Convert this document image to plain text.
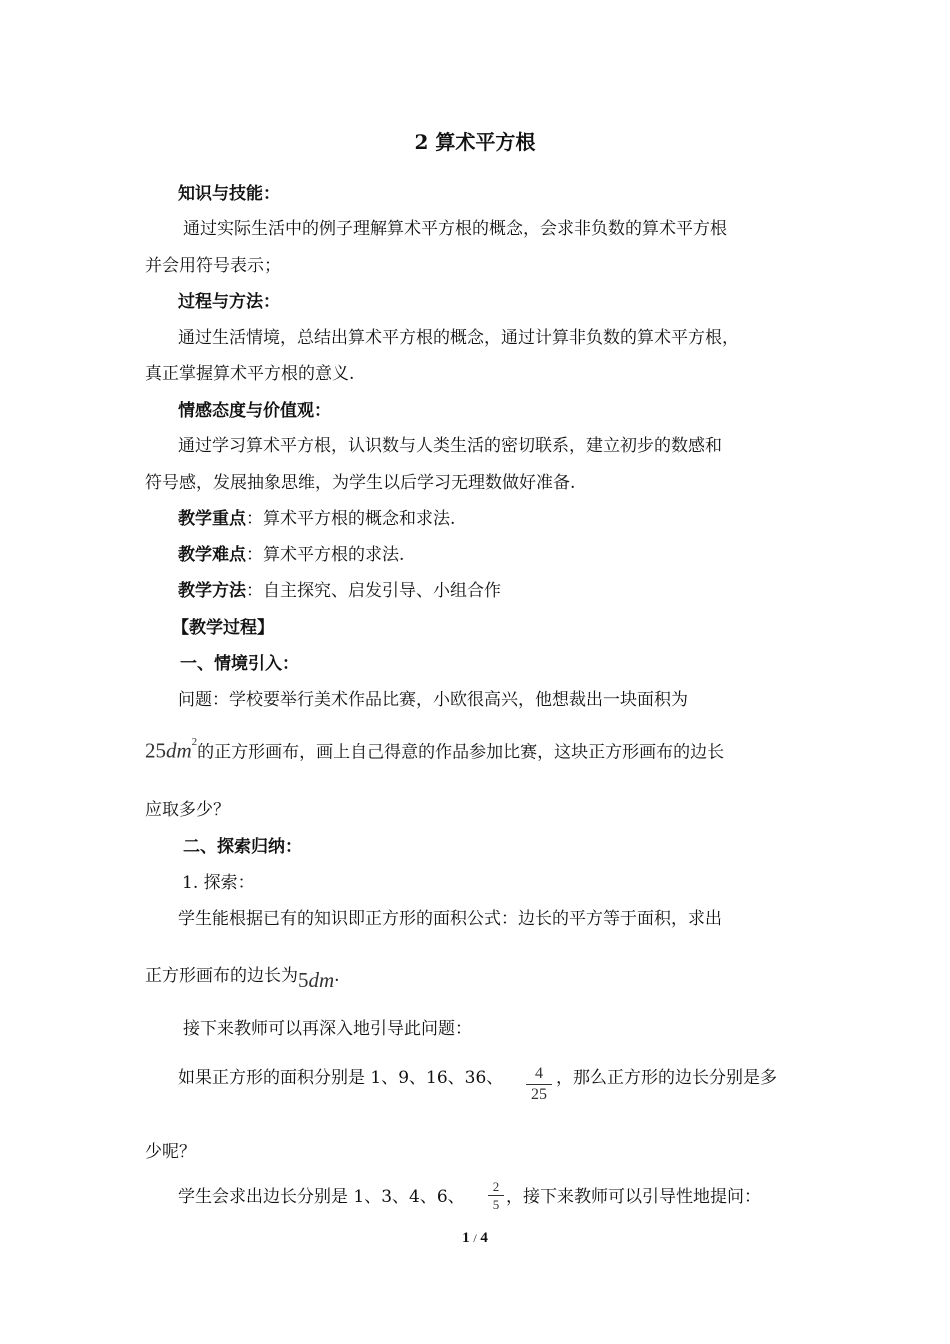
2 算术平方根
知识与技能：
通过实际生活中的例子理解算术平方根的概念，会求非负数的算术平方根
并会用符号表示；
过程与方法：
通过生活情境，总结出算术平方根的概念，通过计算非负数的算术平方根，
真正掌握算术平方根的意义.
情感态度与价值观：
通过学习算术平方根，认识数与人类生活的密切联系，建立初步的数感和
符号感，发展抽象思维，为学生以后学习无理数做好准备.
教学重点：算术平方根的概念和求法.
教学难点：算术平方根的求法.
教学方法：自主探究、启发引导、小组合作
【教学过程】
一、情境引入：
问题：学校要举行美术作品比赛，小欧很高兴，他想裁出一块面积为
$25dm^2$的正方形画布，画上自己得意的作品参加比赛，这块正方形画布的边长
应取多少？
二、探索归纳：
1. 探索：
学生能根据已有的知识即正方形的面积公式：边长的平方等于面积，求出
正方形画布的边长为5dm.
接下来教师可以再深入地引导此问题：
如果正方形的面积分别是 1、9、16、36、 $\frac{4}{25}$ ，那么正方形的边长分别是多
少呢？
学生会求出边长分别是 1、3、4、6、 $\frac{2}{5}$ ，接下来教师可以引导性地提问：
1 / 4
